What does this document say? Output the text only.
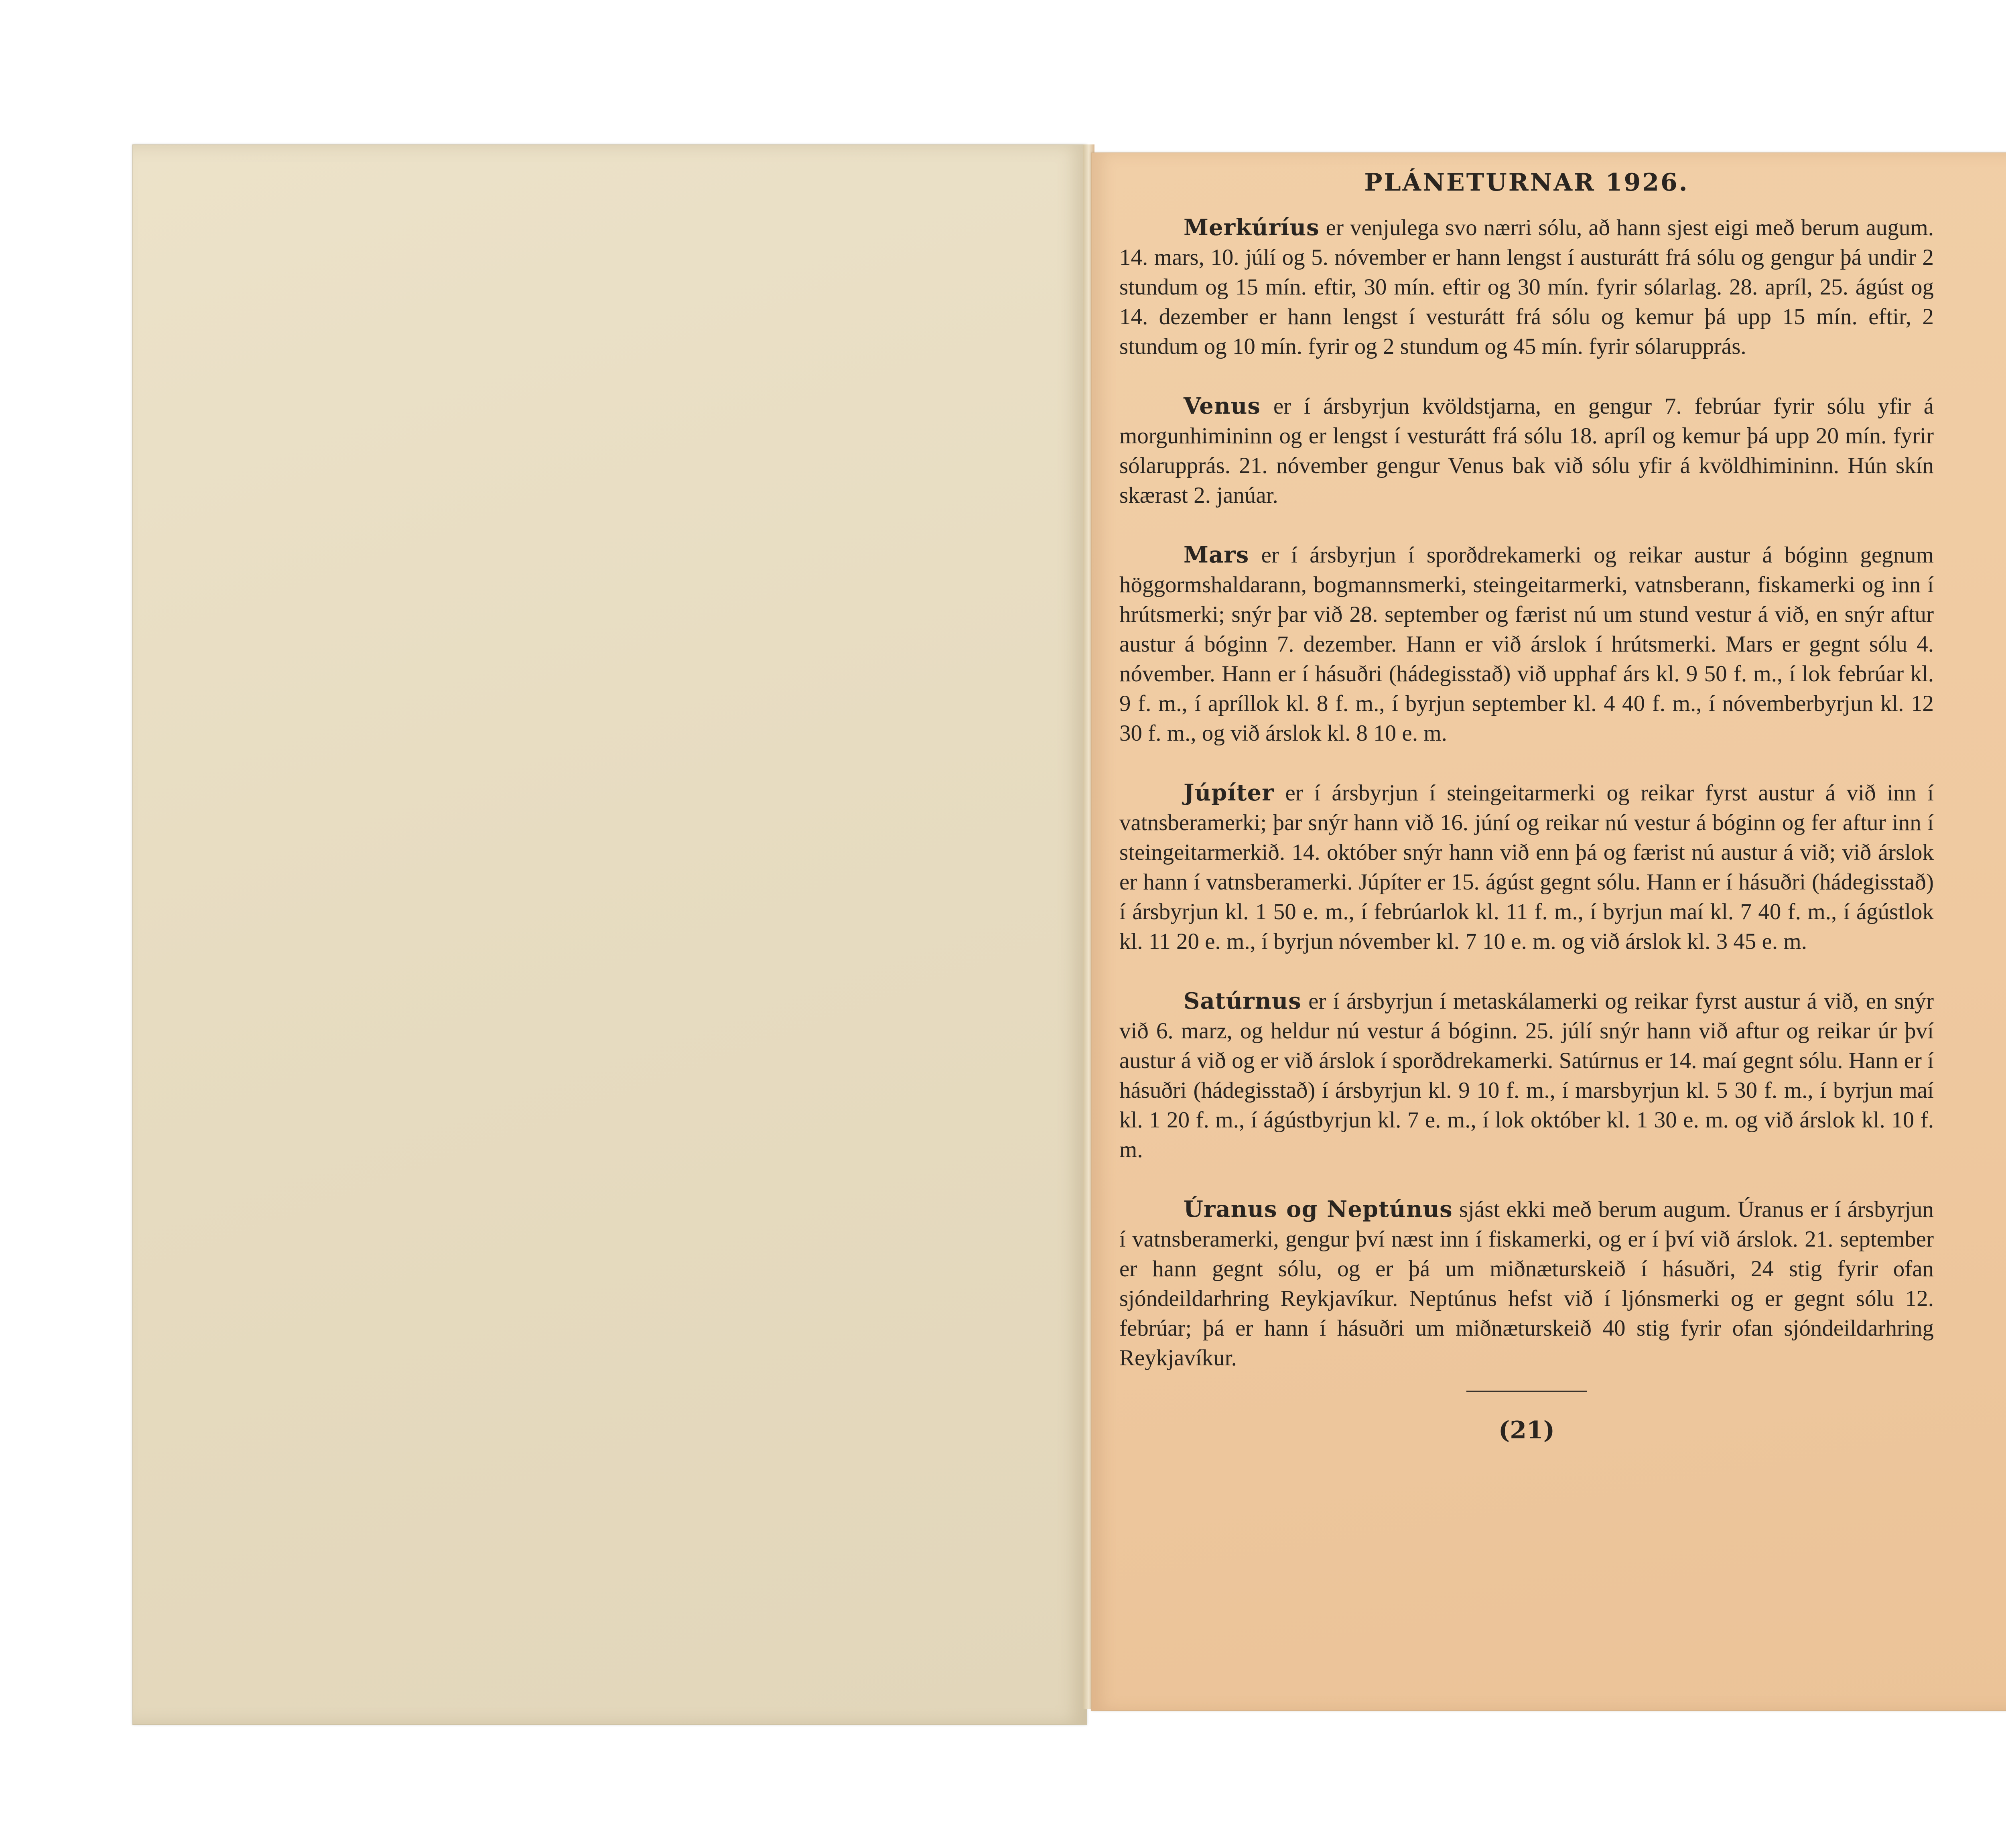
PLÁNETURNAR 1926.

Merkúríus er venjulega svo nærri sólu, að hann sjest eigi með berum augum. 14. mars, 10. júlí og 5. nóvember er hann lengst í austurátt frá sólu og gengur þá undir 2 stundum og 15 mín. eftir, 30 mín. eftir og 30 mín. fyrir sólarlag. 28. apríl, 25. ágúst og 14. dezember er hann lengst í vesturátt frá sólu og kemur þá upp 15 mín. eftir, 2 stundum og 10 mín. fyrir og 2 stundum og 45 mín. fyrir sólarupprás.

Venus er í ársbyrjun kvöldstjarna, en gengur 7. febrúar fyrir sólu yfir á morgunhimininn og er lengst í vesturátt frá sólu 18. apríl og kemur þá upp 20 mín. fyrir sólarupprás. 21. nóvember gengur Venus bak við sólu yfir á kvöldhimininn. Hún skín skærast 2. janúar.

Mars er í ársbyrjun í sporðdrekamerki og reikar austur á bóginn gegnum höggormshaldarann, bogmannsmerki, steingeitarmerki, vatnsberann, fiskamerki og inn í hrútsmerki; snýr þar við 28. september og færist nú um stund vestur á við, en snýr aftur austur á bóginn 7. dezember. Hann er við árslok í hrútsmerki. Mars er gegnt sólu 4. nóvember. Hann er í hásuðri (hádegisstað) við upphaf árs kl. 9 50 f. m., í lok febrúar kl. 9 f. m., í apríllok kl. 8 f. m., í byrjun september kl. 4 40 f. m., í nóvemberbyrjun kl. 12 30 f. m., og við árslok kl. 8 10 e. m.

Júpíter er í ársbyrjun í steingeitarmerki og reikar fyrst austur á við inn í vatnsberamerki; þar snýr hann við 16. júní og reikar nú vestur á bóginn og fer aftur inn í steingeitarmerkið. 14. október snýr hann við enn þá og færist nú austur á við; við árslok er hann í vatnsberamerki. Júpíter er 15. ágúst gegnt sólu. Hann er í hásuðri (hádegisstað) í ársbyrjun kl. 1 50 e. m., í febrúarlok kl. 11 f. m., í byrjun maí kl. 7 40 f. m., í ágústlok kl. 11 20 e. m., í byrjun nóvember kl. 7 10 e. m. og við árslok kl. 3 45 e. m.

Satúrnus er í ársbyrjun í metaskálamerki og reikar fyrst austur á við, en snýr við 6. marz, og heldur nú vestur á bóginn. 25. júlí snýr hann við aftur og reikar úr því austur á við og er við árslok í sporðdrekamerki. Satúrnus er 14. maí gegnt sólu. Hann er í hásuðri (hádegisstað) í ársbyrjun kl. 9 10 f. m., í marsbyrjun kl. 5 30 f. m., í byrjun maí kl. 1 20 f. m., í ágústbyrjun kl. 7 e. m., í lok október kl. 1 30 e. m. og við árslok kl. 10 f. m.

Úranus og Neptúnus sjást ekki með berum augum. Úranus er í ársbyrjun í vatnsberamerki, gengur því næst inn í fiskamerki, og er í því við árslok. 21. september er hann gegnt sólu, og er þá um miðnæturskeið í hásuðri, 24 stig fyrir ofan sjóndeildarhring Reykjavíkur. Neptúnus hefst við í ljónsmerki og er gegnt sólu 12. febrúar; þá er hann í hásuðri um miðnæturskeið 40 stig fyrir ofan sjóndeildarhring Reykjavíkur.

(21)
